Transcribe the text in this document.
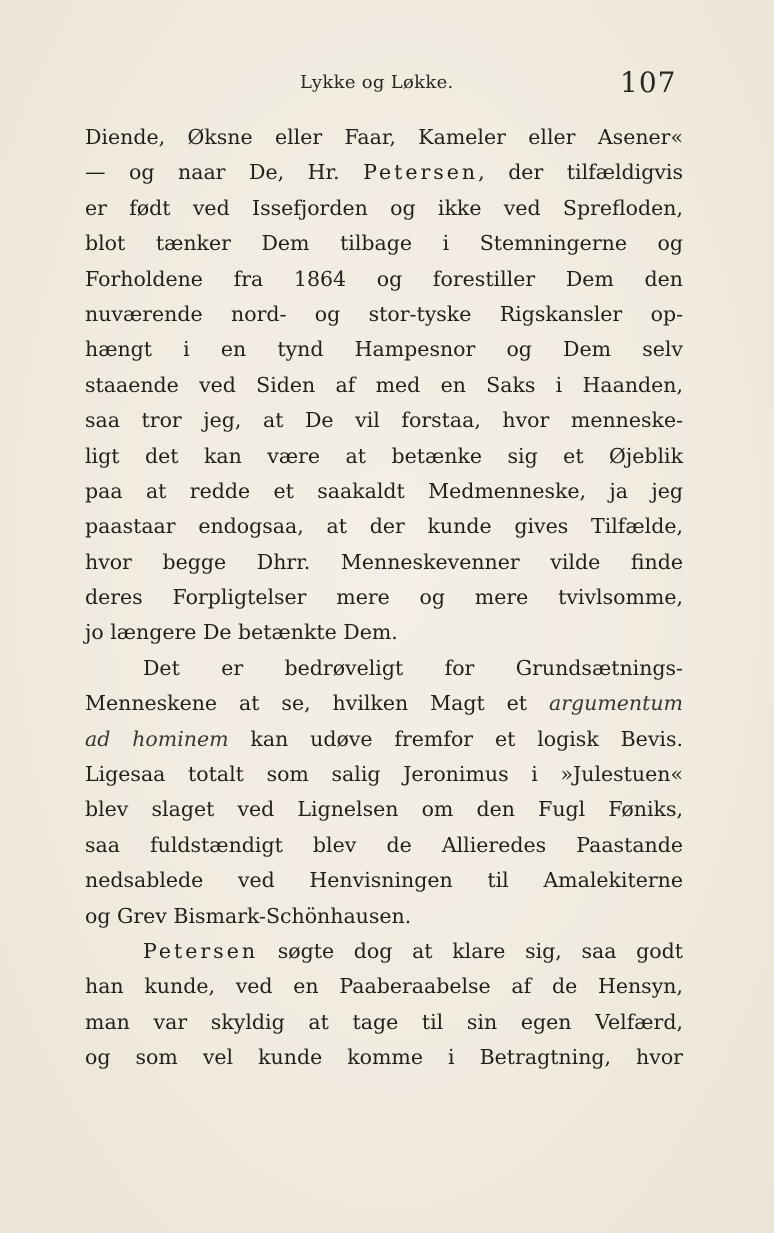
Lykke og Løkke.	107
Diende, Øksne eller Faar, Kameler eller Asener«
— og naar De, Hr. Petersen, der tilfældigvis
er født ved Issefjorden og ikke ved Sprefloden,
blot tænker Dem tilbage i Stemningerne og
Forholdene fra 1864 og forestiller Dem den
nuværende nord- og stor-tyske Rigskansler op-
hængt i en tynd Hampesnor og Dem selv
staaende ved Siden af med en Saks i Haanden,
saa tror jeg, at De vil forstaa, hvor menneske-
ligt det kan være at betænke sig et Øjeblik
paa at redde et saakaldt Medmenneske, ja jeg
paastaar endogsaa, at der kunde gives Tilfælde,
hvor begge Dhrr. Menneskevenner vilde finde
deres Forpligtelser mere og mere tvivlsomme,
jo længere De betænkte Dem.
Det er bedrøveligt for Grundsætnings-
Menneskene at se, hvilken Magt et argumentum
ad hominem kan udøve fremfor et logisk Bevis.
Ligesaa totalt som salig Jeronimus i »Julestuen«
blev slaget ved Lignelsen om den Fugl Føniks,
saa fuldstændigt blev de Allieredes Paastande
nedsablede ved Henvisningen til Amalekiterne
og Grev Bismark-Schönhausen.
Petersen søgte dog at klare sig, saa godt
han kunde, ved en Paaberaabelse af de Hensyn,
man var skyldig at tage til sin egen Velfærd,
og som vel kunde komme i Betragtning, hvor
